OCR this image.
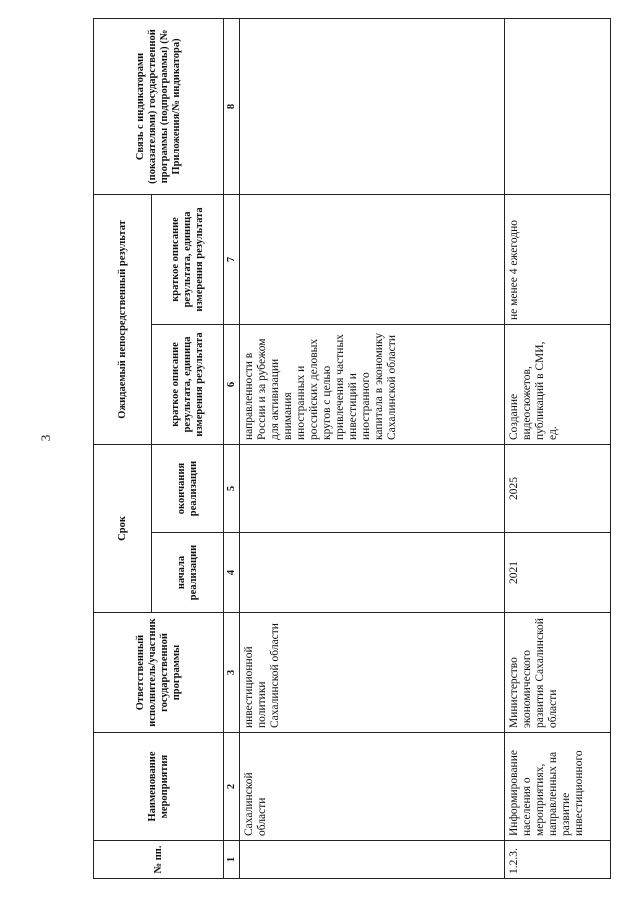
3
№ пп.	Наименование мероприятия	Ответственный исполнитель/участник государственной программы	Срок		Ожидаемый непосредственный результат		Связь с индикаторами (показателями) государственной программы (подпрограммы) (№ Приложения/№ индикатора)
			начала реализации	окончания реализации	краткое описание результата, единица измерения результата	краткое описание результата, единица измерения результата	
1	2	3	4	5	6	7	8
	Сахалинской области	инвестиционной политики Сахалинской области			направленности в России и за рубежом для активизации внимания иностранных и российских деловых кругов с целью привлечения частных инвестиций и иностранного капитала в экономику Сахалинской области		
1.2.3.	Информирование населения о мероприятиях, направленных на развитие инвестиционного	Министерство экономического развития Сахалинской области	2021	2025	Создание видеосюжетов, публикаций в СМИ, ед.	не менее 4 ежегодно	
